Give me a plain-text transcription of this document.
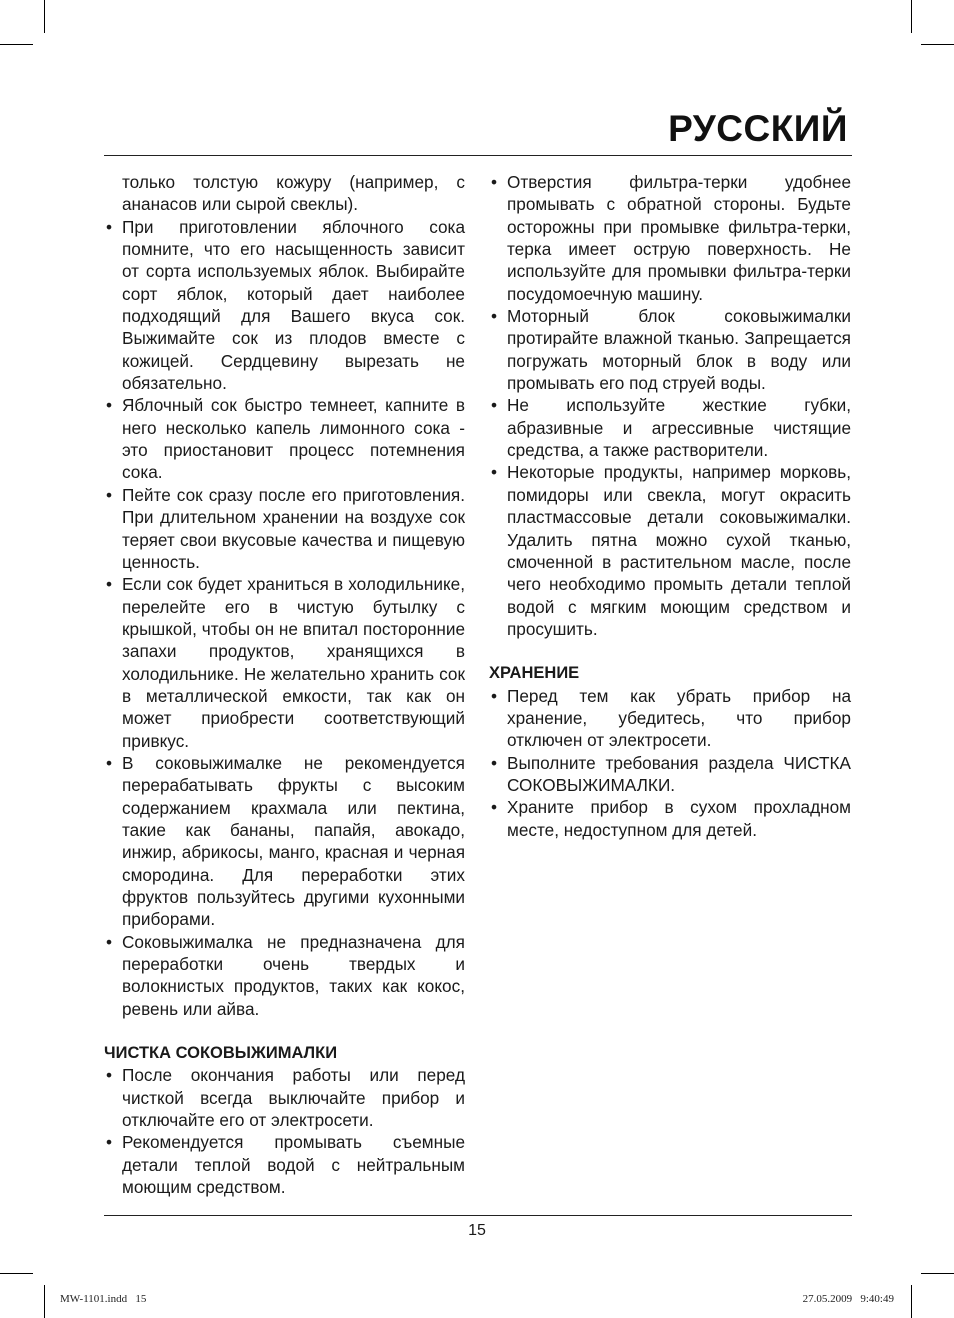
РУССКИЙ

только толстую кожуру (например, с ананасов или сырой свеклы).

• При приготовлении яблочного сока помните, что его насыщенность зависит от сорта используемых яблок. Выбирайте сорт яблок, который дает наиболее подходящий для Вашего вкуса сок. Выжимайте сок из плодов вместе с кожицей. Сердцевину вырезать не обязательно.

• Яблочный сок быстро темнеет, капните в него несколько капель лимонного сока - это приостановит процесс потемнения сока.

• Пейте сок сразу после его приготовления. При длительном хранении на воздухе сок теряет свои вкусовые качества и пищевую ценность.

• Если сок будет храниться в холодильнике, перелейте его в чистую бутылку с крышкой, чтобы он не впитал посторонние запахи продуктов, хранящихся в холодильнике. Не желательно хранить сок в металлической емкости, так как он может приобрести соответствующий привкус.

• В соковыжималке не рекомендуется перерабатывать фрукты с высоким содержанием крахмала или пектина, такие как бананы, папайя, авокадо, инжир, абрикосы, манго, красная и черная смородина. Для переработки этих фруктов пользуйтесь другими кухонными приборами.

• Соковыжималка не предназначена для переработки очень твердых и волокнистых продуктов, таких как кокос, ревень или айва.

ЧИСТКА СОКОВЫЖИМАЛКИ

• После окончания работы или перед чисткой всегда выключайте прибор и отключайте его от электросети.

• Рекомендуется промывать съемные детали теплой водой с нейтральным моющим средством.

• Отверстия фильтра-терки удобнее промывать с обратной стороны. Будьте осторожны при промывке фильтра-терки, терка имеет острую поверхность. Не используйте для промывки фильтра-терки посудомоечную машину.

• Моторный блок соковыжималки протирайте влажной тканью. Запрещается погружать моторный блок в воду или промывать его под струей воды.

• Не используйте жесткие губки, абразивные и агрессивные чистящие средства, а также растворители.

• Некоторые продукты, например морковь, помидоры или свекла, могут окрасить пластмассовые детали соковыжималки. Удалить пятна можно сухой тканью, смоченной в растительном масле, после чего необходимо промыть детали теплой водой с мягким моющим средством и просушить.

ХРАНЕНИЕ

• Перед тем как убрать прибор на хранение, убедитесь, что прибор отключен от электросети.

• Выполните требования раздела ЧИСТКА СОКОВЫЖИМАЛКИ.

• Храните прибор в сухом прохладном месте, недоступном для детей.

15
MW-1101.indd   15	27.05.2009   9:40:49
